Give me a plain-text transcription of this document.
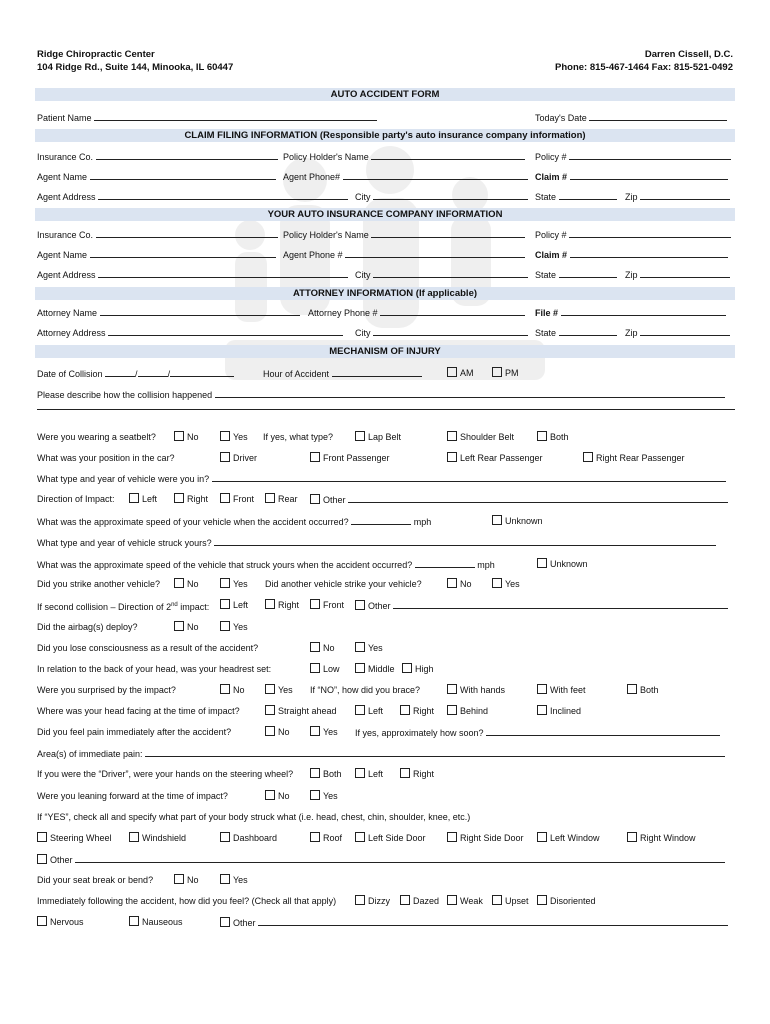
Ridge Chiropractic Center
104 Ridge Rd., Suite 144, Minooka, IL 60447
Darren Cissell, D.C.
Phone: 815-467-1464 Fax: 815-521-0492
AUTO ACCIDENT FORM
Patient Name	Today's Date
CLAIM FILING INFORMATION (Responsible party's auto insurance company information)
Insurance Co.	Policy Holder's Name	Policy #
Agent Name	Agent Phone#	Claim #
Agent Address	City	State	Zip
YOUR AUTO INSURANCE COMPANY INFORMATION
Insurance Co.	Policy Holder's Name	Policy #
Agent Name	Agent Phone #	Claim #
Agent Address	City	State	Zip
ATTORNEY INFORMATION (If applicable)
Attorney Name	Attorney Phone #	File #
Attorney Address	City	State	Zip
MECHANISM OF INJURY
Date of Collision	/	/	Hour of Accident	AM	PM
Please describe how the collision happened
Were you wearing a seatbelt?	No	Yes If yes, what type?	Lap Belt	Shoulder Belt	Both
What was your position in the car?	Driver	Front Passenger	Left Rear Passenger	Right Rear Passenger
What type and year of vehicle were you in?
Direction of Impact:	Left	Right	Front	Rear	Other
What was the approximate speed of your vehicle when the accident occurred?	mph	Unknown
What type and year of vehicle struck yours?
What was the approximate speed of the vehicle that struck yours when the accident occurred?	mph	Unknown
Did you strike another vehicle?	No	Yes Did another vehicle strike your vehicle?	No	Yes
If second collision – Direction of 2nd impact:	Left	Right	Front	Other
Did the airbag(s) deploy?	No	Yes
Did you lose consciousness as a result of the accident?	No	Yes
In relation to the back of your head, was your headrest set:	Low	Middle	High
Were you surprised by the impact?	No	Yes If “NO”, how did you brace?	With hands	With feet	Both
Where was your head facing at the time of impact?	Straight ahead	Left	Right	Behind	Inclined
Did you feel pain immediately after the accident?	No	Yes If yes, approximately how soon?
Area(s) of immediate pain:
If you were the “Driver”, were your hands on the steering wheel?	Both	Left	Right
Were you leaning forward at the time of impact?	No	Yes
If “YES”, check all and specify what part of your body struck what (i.e. head, chest, chin, shoulder, knee, etc.)
Steering Wheel	Windshield	Dashboard	Roof	Left Side Door	Right Side Door	Left Window	Right Window
Other
Did your seat break or bend?	No	Yes
Immediately following the accident, how did you feel? (Check all that apply)	Dizzy	Dazed	Weak	Upset	Disoriented
Nervous	Nauseous	Other
